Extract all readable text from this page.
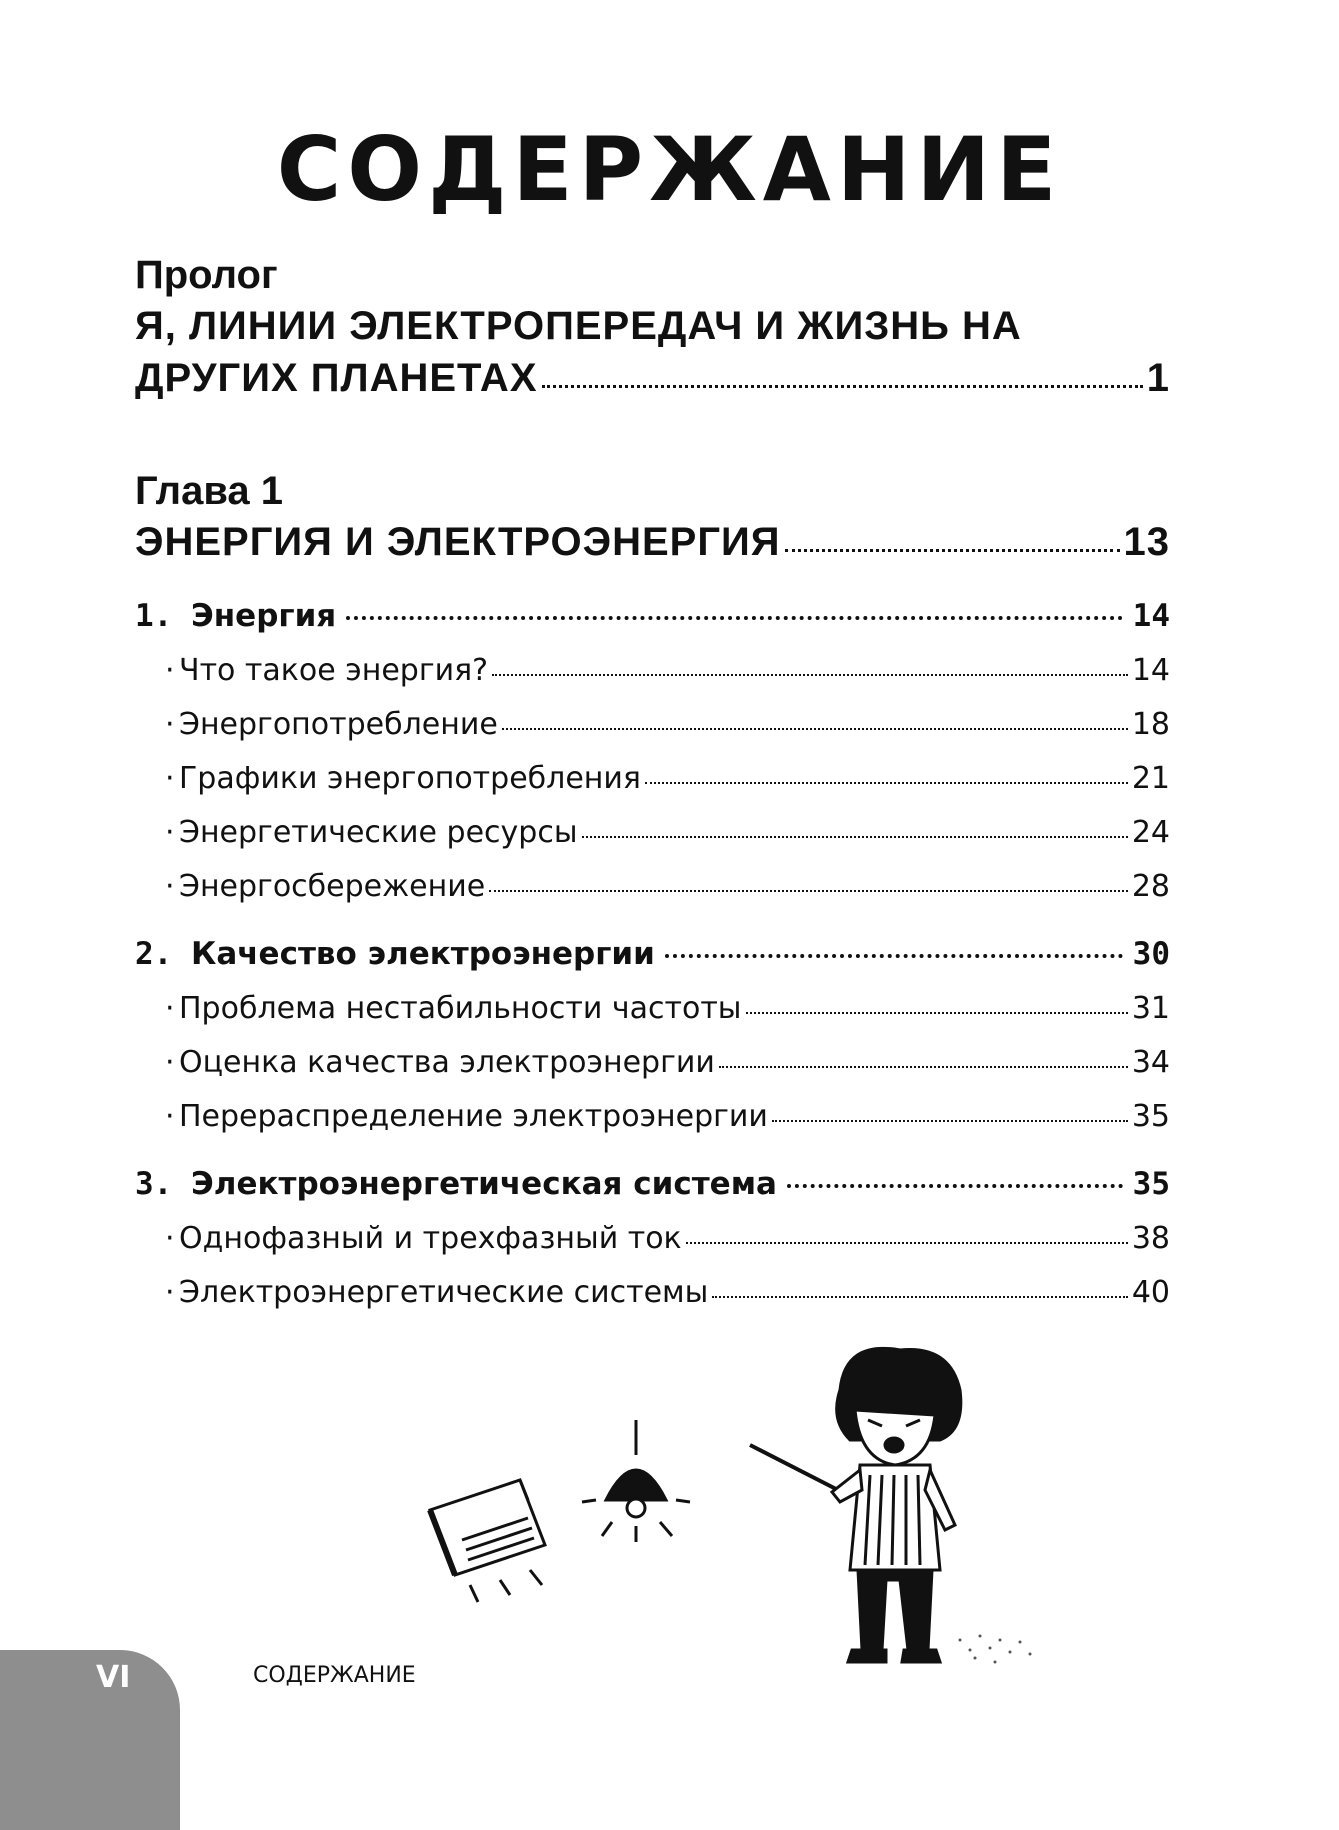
СОДЕРЖАНИЕ
Пролог
Я, ЛИНИИ ЭЛЕКТРОПЕРЕДАЧ И ЖИЗНЬ НА
ДРУГИХ ПЛАНЕТАХ	1
Глава 1
ЭНЕРГИЯ И ЭЛЕКТРОЭНЕРГИЯ	13
1. Энергия	14
· Что такое энергия?	14
· Энергопотребление	18
· Графики энергопотребления	21
· Энергетические ресурсы	24
· Энергосбережение	28
2. Качество электроэнергии	30
· Проблема нестабильности частоты	31
· Оценка качества электроэнергии	34
· Перераспределение электроэнергии	35
3. Электроэнергетическая система	35
· Однофазный и трехфазный ток	38
· Электроэнергетические системы	40
VI	СОДЕРЖАНИЕ
